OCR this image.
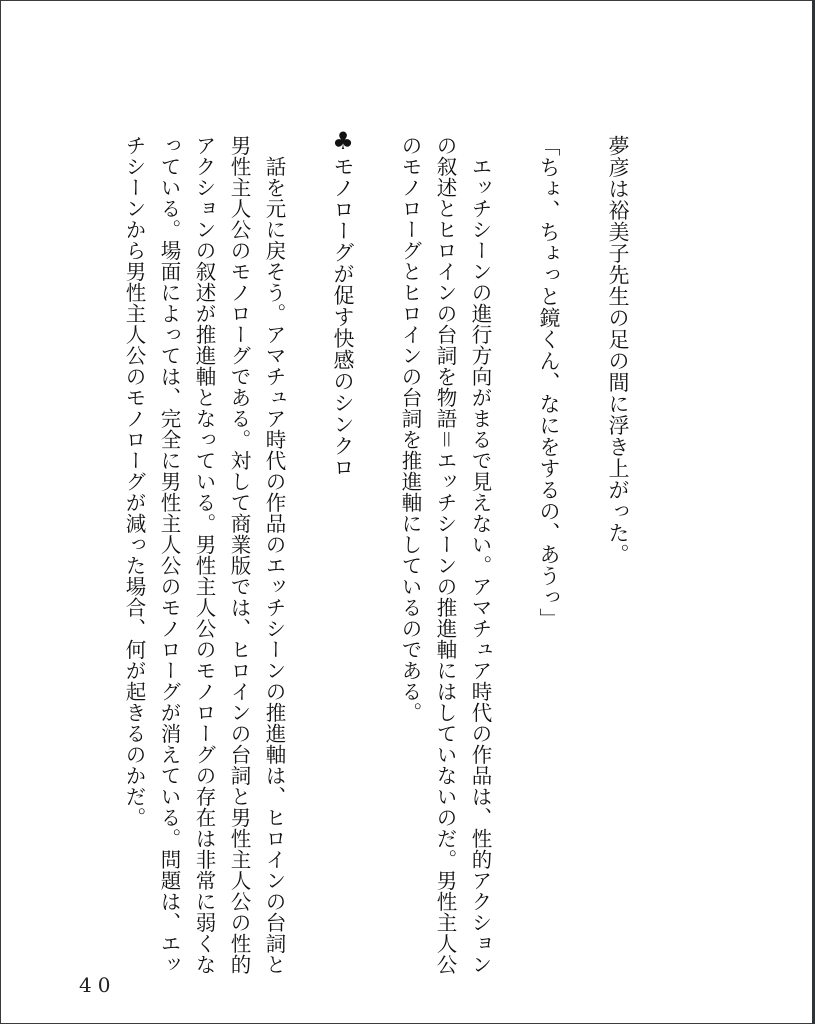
夢彦は裕美子先生の足の間に浮き上がった。
「ちょ、ちょっと鏡くん、なにをするの、あうっ」
　エッチシーンの進行方向がまるで見えない。アマチュア時代の作品は、性的アクション
の叙述とヒロインの台詞を物語＝エッチシーンの推進軸にはしていないのだ。男性主人公
のモノローグとヒロインの台詞を推進軸にしているのである。
♣モノローグが促す快感のシンクロ
　話を元に戻そう。アマチュア時代の作品のエッチシーンの推進軸は、ヒロインの台詞と
男性主人公のモノローグである。対して商業版では、ヒロインの台詞と男性主人公の性的
アクションの叙述が推進軸となっている。男性主人公のモノローグの存在は非常に弱くな
っている。場面によっては、完全に男性主人公のモノローグが消えている。問題は、エッ
チシーンから男性主人公のモノローグが減った場合、何が起きるのかだ。
40
